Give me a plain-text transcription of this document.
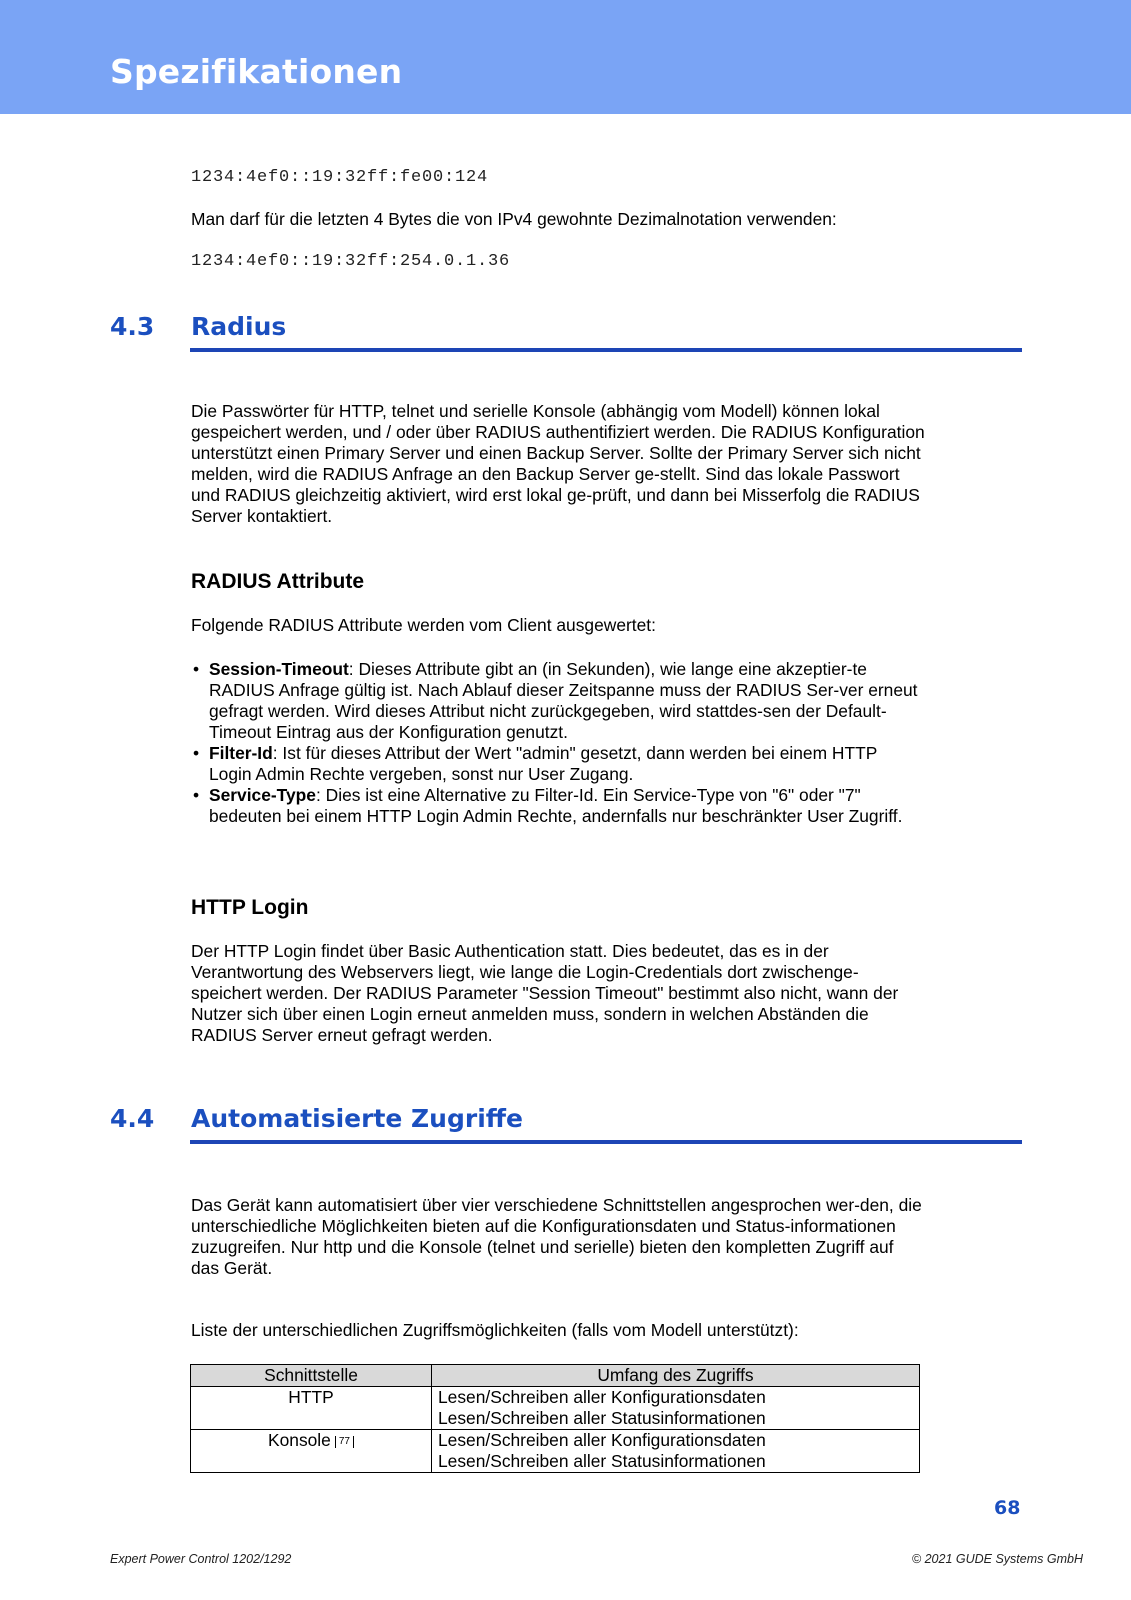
Spezifikationen
1234:4ef0::19:32ff:fe00:124
Man darf für die letzten 4 Bytes die von IPv4 gewohnte Dezimalnotation verwenden:
1234:4ef0::19:32ff:254.0.1.36
4.3 Radius
Die Passwörter für HTTP, telnet und serielle Konsole (abhängig vom Modell) können lokal gespeichert werden, und / oder über RADIUS authentifiziert werden. Die RADIUS Konfiguration unterstützt einen Primary Server und einen Backup Server. Sollte der Primary Server sich nicht melden, wird die RADIUS Anfrage an den Backup Server ge-stellt. Sind das lokale Passwort und RADIUS gleichzeitig aktiviert, wird erst lokal ge-prüft, und dann bei Misserfolg die RADIUS Server kontaktiert.
RADIUS Attribute
Folgende RADIUS Attribute werden vom Client ausgewertet:
• Session-Timeout: Dieses Attribute gibt an (in Sekunden), wie lange eine akzeptier-te RADIUS Anfrage gültig ist. Nach Ablauf dieser Zeitspanne muss der RADIUS Ser-ver erneut gefragt werden. Wird dieses Attribut nicht zurückgegeben, wird stattdes-sen der Default-Timeout Eintrag aus der Konfiguration genutzt.
• Filter-Id: Ist für dieses Attribut der Wert "admin" gesetzt, dann werden bei einem HTTP Login Admin Rechte vergeben, sonst nur User Zugang.
• Service-Type: Dies ist eine Alternative zu Filter-Id. Ein Service-Type von "6" oder "7" bedeuten bei einem HTTP Login Admin Rechte, andernfalls nur beschränkter User Zugriff.
HTTP Login
Der HTTP Login findet über Basic Authentication statt. Dies bedeutet, das es in der Verantwortung des Webservers liegt, wie lange die Login-Credentials dort zwischenge-speichert werden. Der RADIUS Parameter "Session Timeout" bestimmt also nicht, wann der Nutzer sich über einen Login erneut anmelden muss, sondern in welchen Abständen die RADIUS Server erneut gefragt werden.
4.4 Automatisierte Zugriffe
Das Gerät kann automatisiert über vier verschiedene Schnittstellen angesprochen wer-den, die unterschiedliche Möglichkeiten bieten auf die Konfigurationsdaten und Status-informationen zuzugreifen. Nur http und die Konsole (telnet und serielle) bieten den kompletten Zugriff auf das Gerät.
Liste der unterschiedlichen Zugriffsmöglichkeiten (falls vom Modell unterstützt):
Schnittstelle	Umfang des Zugriffs
HTTP	Lesen/Schreiben aller Konfigurationsdaten
Lesen/Schreiben aller Statusinformationen

Konsole 77	Lesen/Schreiben aller Konfigurationsdaten
Lesen/Schreiben aller Statusinformationen
68
Expert Power Control 1202/1292	© 2021 GUDE Systems GmbH
